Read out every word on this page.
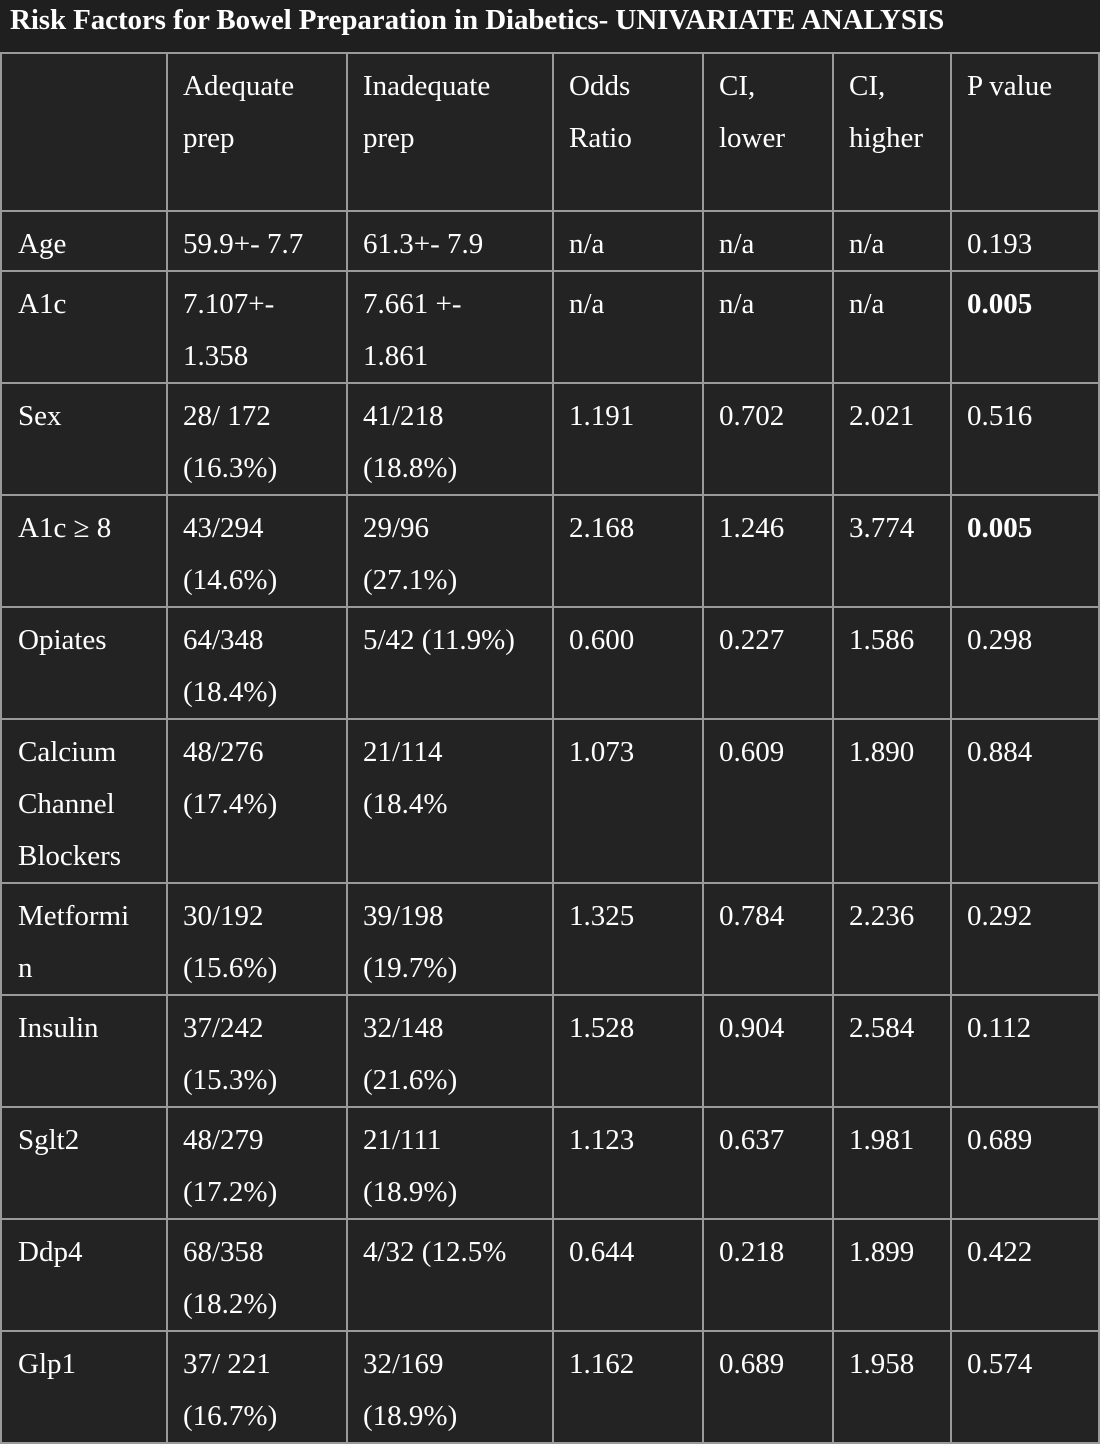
Risk Factors for Bowel Preparation in Diabetics- UNIVARIATE ANALYSIS

	Adequate
prep	Inadequate
prep	Odds
Ratio	CI,
lower	CI,
higher	P value

Age	59.9+- 7.7	61.3+- 7.9	n/a	n/a	n/a	0.193

A1c	7.107+-
1.358	7.661 +-
1.861	n/a	n/a	n/a	0.005

Sex	28/ 172
(16.3%)	41/218
(18.8%)	1.191	0.702	2.021	0.516

A1c ≥ 8	43/294
(14.6%)	29/96
(27.1%)	2.168	1.246	3.774	0.005

Opiates	64/348
(18.4%)	5/42 (11.9%)	0.600	0.227	1.586	0.298

Calcium
Channel
Blockers	48/276
(17.4%)	21/114
(18.4%	1.073	0.609	1.890	0.884

Metformi
n	30/192
(15.6%)	39/198
(19.7%)	1.325	0.784	2.236	0.292

Insulin	37/242
(15.3%)	32/148
(21.6%)	1.528	0.904	2.584	0.112

Sglt2	48/279
(17.2%)	21/111
(18.9%)	1.123	0.637	1.981	0.689

Ddp4	68/358
(18.2%)	4/32 (12.5%	0.644	0.218	1.899	0.422

Glp1	37/ 221
(16.7%)	32/169
(18.9%)	1.162	0.689	1.958	0.574
